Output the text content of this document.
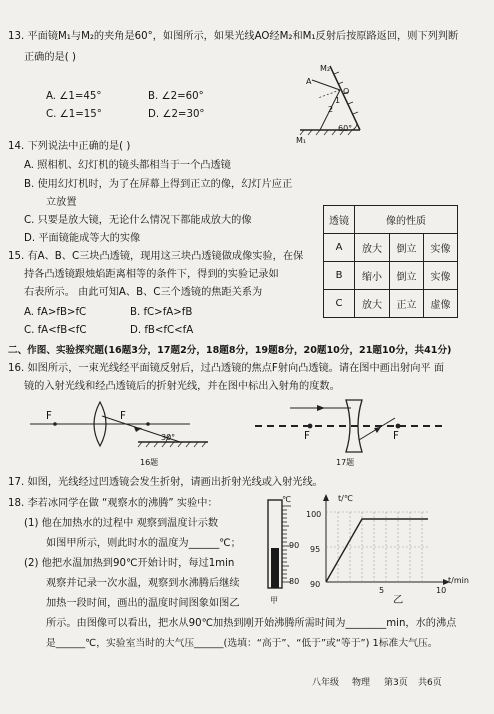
13. 平面镜M₁与M₂的夹角是60°，如图所示，如果光线AO经M₂和M₁反射后按原路返回，则下列判断
正确的是( )
A. ∠1=45°	B. ∠2=60°
C. ∠1=15°	D. ∠2=30°
M₂
A
O
1
2
60°
M₁
14. 下列说法中正确的是( )
A. 照相机、幻灯机的镜头都相当于一个凸透镜
B. 使用幻灯机时，为了在屏幕上得到正立的像，幻灯片应正
立放置
C. 只要是放大镜，无论什么情况下都能成放大的像
D. 平面镜能成等大的实像
15. 有A、B、C三块凸透镜，现用这三块凸透镜做成像实验，在保
持各凸透镜跟烛焰距离相等的条件下，得到的实验记录如
右表所示。 由此可知A、B、C三个透镜的焦距关系为
A. fA>fB>fC	B. fC>fA>fB
C. fA<fB<fC	D. fB<fC<fA
透镜	像的性质		
A	放大	倒立	实像
B	缩小	倒立	实像
C	放大	正立	虚像
二、作图、实验探究题(16题3分，17题2分，18题8分，19题8分，20题10分，21题10分，共41分)
16. 如图所示，一束光线经平面镜反射后，过凸透镜的焦点F射向凸透镜。请在图中画出射向平 面
镜的入射光线和经凸透镜后的折射光线，并在图中标出入射角的度数。
F	F
30°
16题
F	F
17题
17. 如图，光线经过凹透镜会发生折射，请画出折射光线或入射光线。
18. 李若冰同学在做 “观察水的沸腾” 实验中：
(1) 他在加热水的过程中 观察到温度计示数
如图甲所示，则此时水的温度为______℃；
(2) 他把水温加热到90℃开始计时，每过1min
观察并记录一次水温，观察到水沸腾后继续
加热一段时间，画出的温度时间图象如图乙
所示。由图像可以看出，把水从90℃加热到刚开始沸腾所需时间为________min，水的沸点
是______℃，实验室当时的大气压______(选填：“高于”、“低于”或“等于”) 1标准大气压。
℃
90
80
甲
t/℃
100
95
90
5	10
t/min
乙
八年级 物理 第3页 共6页
